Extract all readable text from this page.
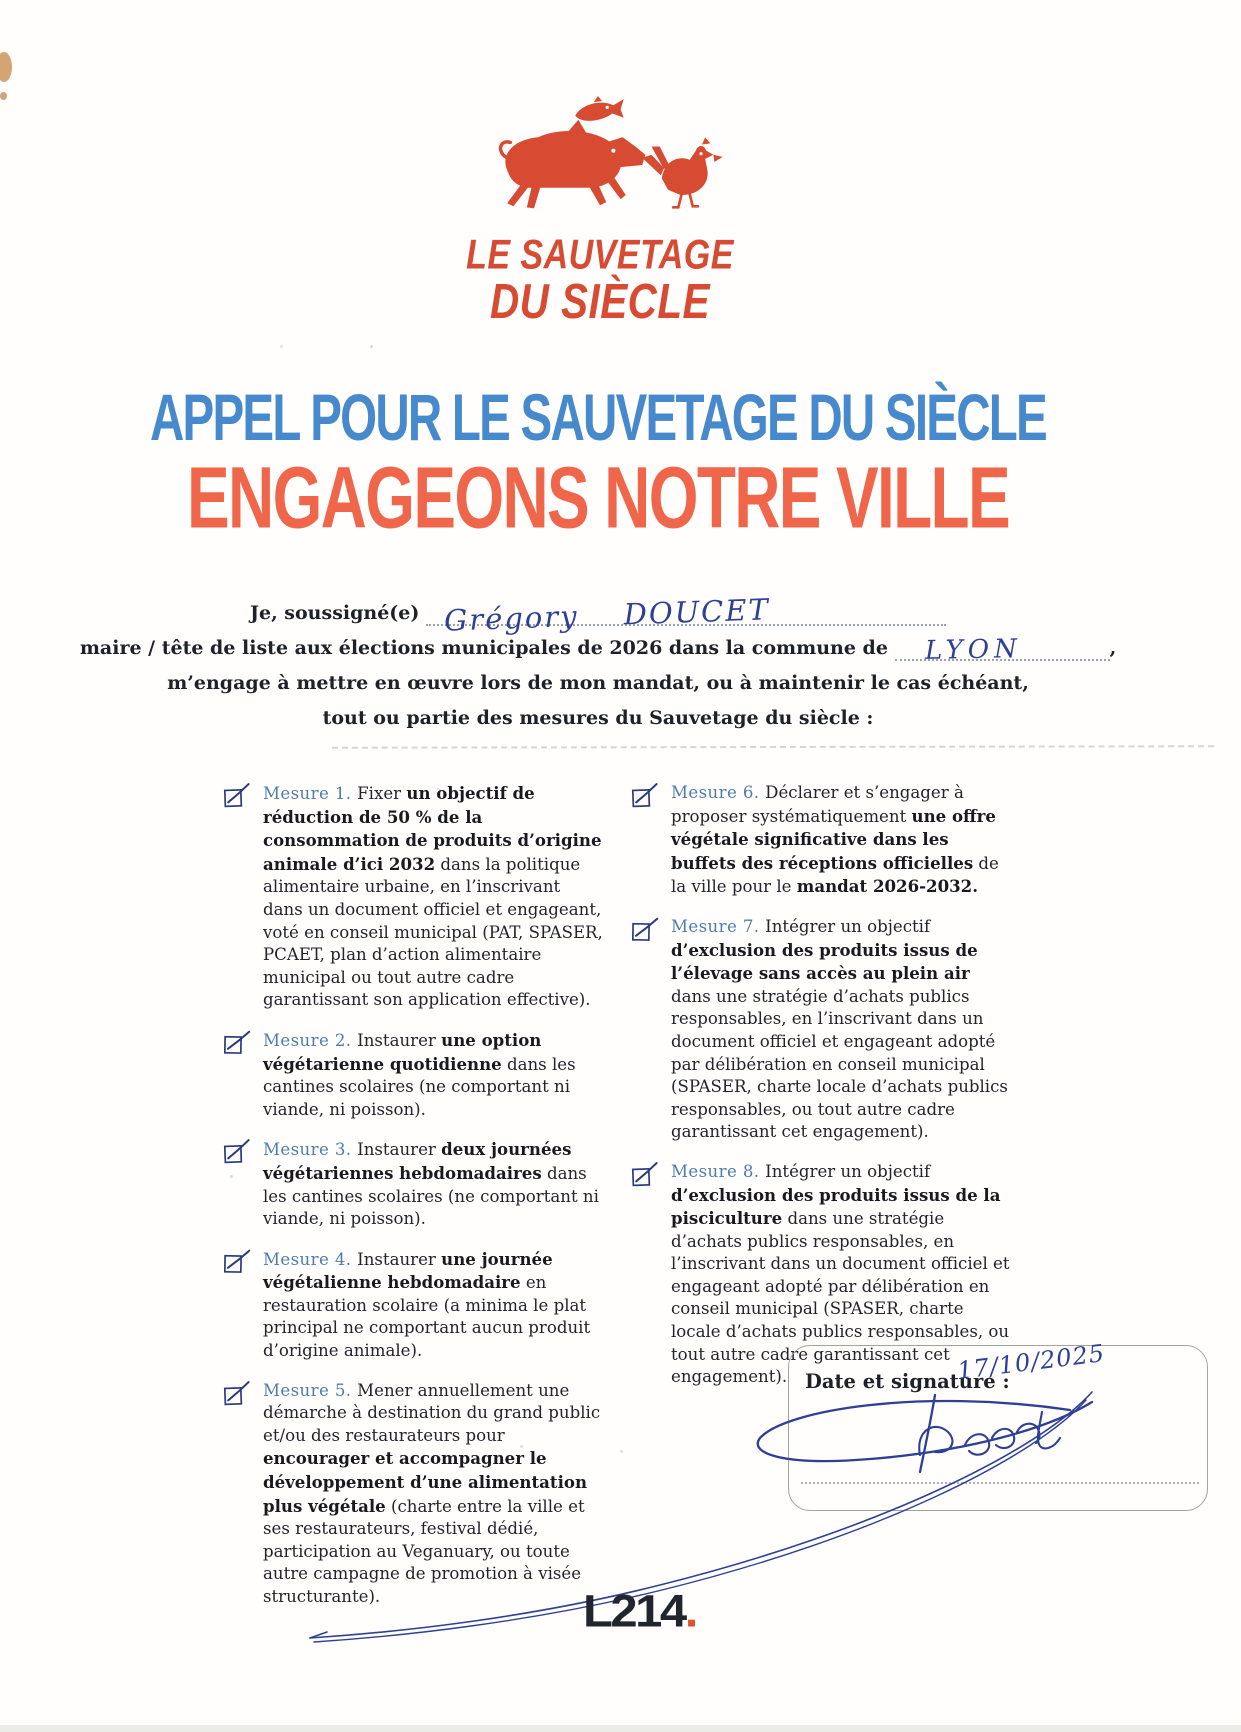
LE SAUVETAGE
DU SIÈCLE
APPEL POUR LE SAUVETAGE DU SIÈCLE
ENGAGEONS NOTRE VILLE
Je, soussigné(e) Grégory DOUCET
maire / tête de liste aux élections municipales de 2026 dans la commune de LYON	,
m’engage à mettre en œuvre lors de mon mandat, ou à maintenir le cas échéant,
tout ou partie des mesures du Sauvetage du siècle :

Mesure 1. Fixer un objectif de réduction de 50 % de la consommation de produits d’origine animale d’ici 2032 dans la politique alimentaire urbaine, en l’inscrivant dans un document officiel et engageant, voté en conseil municipal (PAT, SPASER, PCAET, plan d’action alimentaire municipal ou tout autre cadre garantissant son application effective).

Mesure 2. Instaurer une option végétarienne quotidienne dans les cantines scolaires (ne comportant ni viande, ni poisson).

Mesure 3. Instaurer deux journées végétariennes hebdomadaires dans les cantines scolaires (ne comportant ni viande, ni poisson).

Mesure 4. Instaurer une journée végétalienne hebdomadaire en restauration scolaire (a minima le plat principal ne comportant aucun produit d’origine animale).

Mesure 5. Mener annuellement une démarche à destination du grand public et/ou des restaurateurs pour encourager et accompagner le développement d’une alimentation plus végétale (charte entre la ville et ses restaurateurs, festival dédié, participation au Veganuary, ou toute autre campagne de promotion à visée structurante).

Mesure 6. Déclarer et s’engager à proposer systématiquement une offre végétale significative dans les buffets des réceptions officielles de la ville pour le mandat 2026-2032.

Mesure 7. Intégrer un objectif d’exclusion des produits issus de l’élevage sans accès au plein air dans une stratégie d’achats publics responsables, en l’inscrivant dans un document officiel et engageant adopté par délibération en conseil municipal (SPASER, charte locale d’achats publics responsables, ou tout autre cadre garantissant cet engagement).

Mesure 8. Intégrer un objectif d’exclusion des produits issus de la pisciculture dans une stratégie d’achats publics responsables, en l’inscrivant dans un document officiel et engageant adopté par délibération en conseil municipal (SPASER, charte locale d’achats publics responsables, ou tout autre cadre garantissant cet engagement). Date et signature :
17/10/2025
L214.
